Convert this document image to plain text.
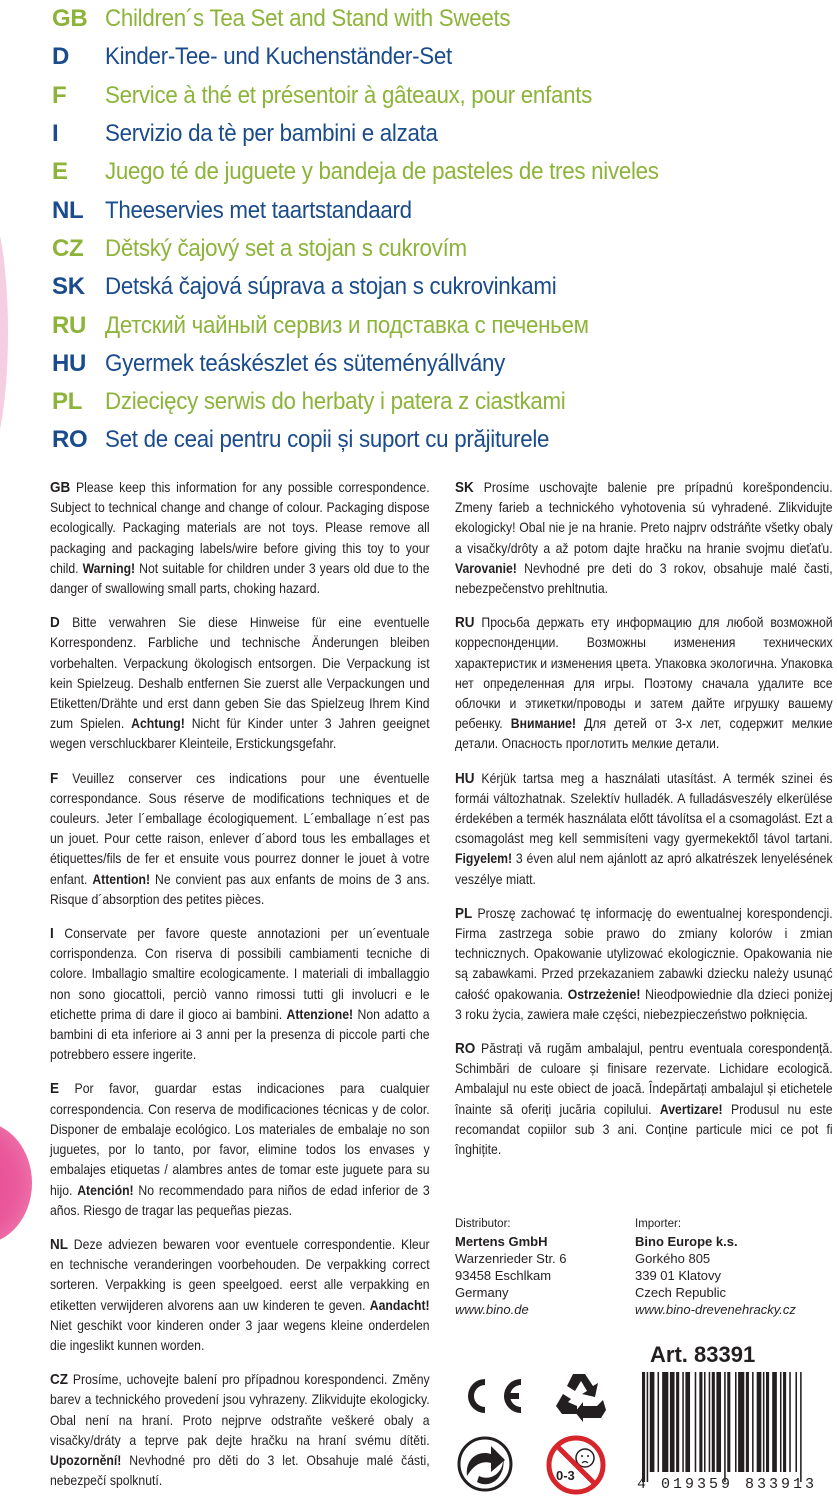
GB Children´s Tea Set and Stand with Sweets
D	Kinder-Tee- und Kuchenständer-Set
F	Service à thé et présentoir à gâteaux, pour enfants
I	Servizio da tè per bambini e alzata
E	Juego té de juguete y bandeja de pasteles de tres niveles
NL Theeservies met taartstandaard
CZ Dětský čajový set a stojan s cukrovím
SK Detská čajová súprava a stojan s cukrovinkami
RU Детский чайный сервиз и подставка с печеньем
HU Gyermek teáskészlet és süteményállvány
PL Dziecięcy serwis do herbaty i patera z ciastkami
RO Set de ceai pentru copii și suport cu prăjiturele

GB Please keep this information for any possible correspondence. Subject to technical change and change of colour. Packaging dispose ecologically. Packaging materials are not toys. Please remove all packaging and packaging labels/wire before giving this toy to your child. Warning! Not suitable for children under 3 years old due to the danger of swallowing small parts, choking hazard.

D Bitte verwahren Sie diese Hinweise für eine eventuelle Korrespondenz. Farbliche und technische Änderungen bleiben vorbehalten. Verpackung ökologisch entsorgen. Die Verpackung ist kein Spielzeug. Deshalb entfernen Sie zuerst alle Verpackungen und Etiketten/Drähte und erst dann geben Sie das Spielzeug Ihrem Kind zum Spielen. Achtung! Nicht für Kinder unter 3 Jahren geeignet wegen verschluckbarer Kleinteile, Erstickungsgefahr.

F Veuillez conserver ces indications pour une éventuelle correspondance. Sous réserve de modifications techniques et de couleurs. Jeter l´emballage écologiquement. L´emballage n´est pas un jouet. Pour cette raison, enlever d´abord tous les emballages et étiquettes/fils de fer et ensuite vous pourrez donner le jouet à votre enfant. Attention! Ne convient pas aux enfants de moins de 3 ans. Risque d´absorption des petites pièces.

I Conservate per favore queste annotazioni per un´eventuale corrispondenza. Con riserva di possibili cambiamenti tecniche di colore. Imballagio smaltire ecologicamente. I materiali di imballaggio non sono giocattoli, perciò vanno rimossi tutti gli involucri e le etichette prima di dare il gioco ai bambini. Attenzione! Non adatto a bambini di eta inferiore ai 3 anni per la presenza di piccole parti che potrebbero essere ingerite.

E Por favor, guardar estas indicaciones para cualquier correspondencia. Con reserva de modificaciones técnicas y de color. Disponer de embalaje ecológico. Los materiales de embalaje no son juguetes, por lo tanto, por favor, elimine todos los envases y embalajes etiquetas / alambres antes de tomar este juguete para su hijo. Atención! No recommendado para niños de edad inferior de 3 años. Riesgo de tragar las pequeñas piezas.

NL Deze adviezen bewaren voor eventuele correspondentie. Kleur en technische veranderingen voorbehouden. De verpakking correct sorteren. Verpakking is geen speelgoed. eerst alle verpakking en etiketten verwijderen alvorens aan uw kinderen te geven. Aandacht! Niet geschikt voor kinderen onder 3 jaar wegens kleine onderdelen die ingeslikt kunnen worden.

CZ Prosíme, uchovejte balení pro případnou korespondenci. Změny barev a technického provedení jsou vyhrazeny. Zlikvidujte ekologicky. Obal není na hraní. Proto nejprve odstraňte veškeré obaly a visačky/dráty a teprve pak dejte hračku na hraní svému dítěti. Upozornění! Nevhodné pro děti do 3 let. Obsahuje malé části, nebezpečí spolknutí.

SK Prosíme uschovajte balenie pre prípadnú korešpondenciu. Zmeny farieb a technického vyhotovenia sú vyhradené. Zlikvidujte ekologicky! Obal nie je na hranie. Preto najprv odstráňte všetky obaly a visačky/drôty a až potom dajte hračku na hranie svojmu dieťaťu. Varovanie! Nevhodné pre deti do 3 rokov, obsahuje malé časti, nebezpečenstvo prehltnutia.

RU Просьба держать ету информацию для любой возможной корреспонденции. Возможны изменения технических характеристик и изменения цвета. Упаковка экологична. Упаковка нет определенная для игры. Поэтому сначала удалите все облочки и этикетки/проводы и затем дайте игрушку вашему ребенку. Внимание! Для детей от 3-х лет, содержит мелкие детали. Опасность проглотить мелкие детали.

HU Kérjük tartsa meg a használati utasítást. A termék szinei és formái változhatnak. Szelektív hulladék. A fulladásveszély elkerülése érdekében a termék használata előtt távolítsa el a csomagolást. Ezt a csomagolást meg kell semmisíteni vagy gyermekektől távol tartani. Figyelem! 3 éven alul nem ajánlott az apró alkatrészek lenyelésének veszélye miatt.

PL Proszę zachować tę informację do ewentualnej korespondencji. Firma zastrzega sobie prawo do zmiany kolorów i zmian technicznych. Opakowanie utylizować ekologicznie. Opakowania nie są zabawkami. Przed przekazaniem zabawki dziecku należy usunąć całość opakowania. Ostrzeżenie! Nieodpowiednie dla dzieci poniżej 3 roku życia, zawiera małe części, niebezpieczeństwo połknięcia.

RO Păstrați vă rugăm ambalajul, pentru eventuala corespondență. Schimbări de culoare și finisare rezervate. Lichidare ecologică. Ambalajul nu este obiect de joacă. Îndepărtați ambalajul și etichetele înainte să oferiți jucăria copilului. Avertizare! Produsul nu este recomandat copiilor sub 3 ani. Conține particule mici ce pot fi înghițite.

Distributor:
Mertens GmbH
Warzenrieder Str. 6
93458 Eschlkam
Germany
www.bino.de
Importer:
Bino Europe k.s.
Gorkého 805
339 01 Klatovy
Czech Republic
www.bino-drevenehracky.cz
Art. 83391
0-3
4 019359 833913
